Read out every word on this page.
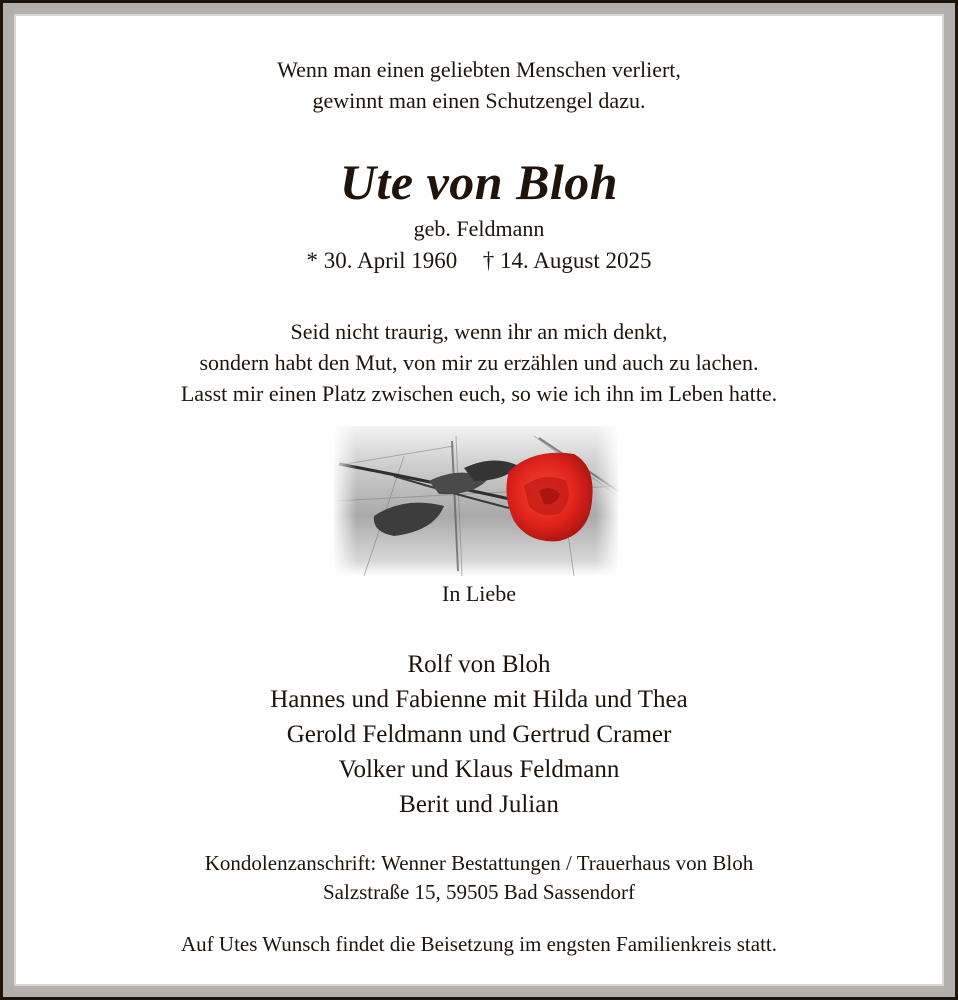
Wenn man einen geliebten Menschen verliert,
gewinnt man einen Schutzengel dazu.
Ute von Bloh
geb. Feldmann
* 30. April 1960 † 14. August 2025
Seid nicht traurig, wenn ihr an mich denkt,
sondern habt den Mut, von mir zu erzählen und auch zu lachen.
Lasst mir einen Platz zwischen euch, so wie ich ihn im Leben hatte.
In Liebe
Rolf von Bloh
Hannes und Fabienne mit Hilda und Thea
Gerold Feldmann und Gertrud Cramer
Volker und Klaus Feldmann
Berit und Julian
Kondolenzanschrift: Wenner Bestattungen / Trauerhaus von Bloh
Salzstraße 15, 59505 Bad Sassendorf
Auf Utes Wunsch findet die Beisetzung im engsten Familienkreis statt.
